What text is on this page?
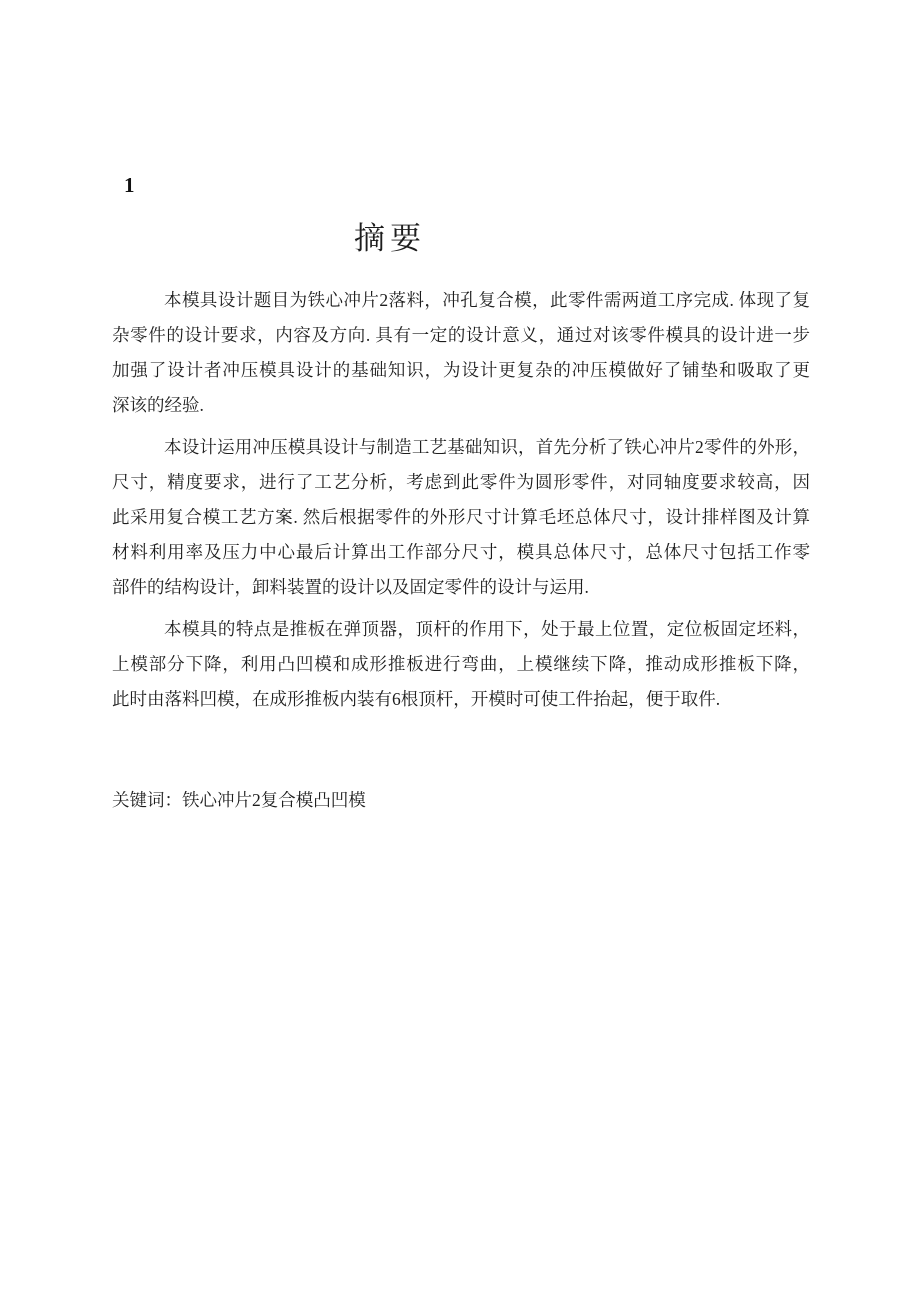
1
摘要
本模具设计题目为铁心冲片2落料，冲孔复合模，此零件需两道工序完成. 体现了复
杂零件的设计要求，内容及方向. 具有一定的设计意义，通过对该零件模具的设计进一步
加强了设计者冲压模具设计的基础知识，为设计更复杂的冲压模做好了铺垫和吸取了更
深该的经验.
本设计运用冲压模具设计与制造工艺基础知识，首先分析了铁心冲片2零件的外形，
尺寸，精度要求，进行了工艺分析，考虑到此零件为圆形零件，对同轴度要求较高，因
此采用复合模工艺方案. 然后根据零件的外形尺寸计算毛坯总体尺寸，设计排样图及计算
材料利用率及压力中心最后计算出工作部分尺寸，模具总体尺寸，总体尺寸包括工作零
部件的结构设计，卸料装置的设计以及固定零件的设计与运用.
本模具的特点是推板在弹顶器，顶杆的作用下，处于最上位置，定位板固定坯料，
上模部分下降，利用凸凹模和成形推板进行弯曲，上模继续下降，推动成形推板下降，
此时由落料凹模，在成形推板内装有6根顶杆，开模时可使工件抬起，便于取件.
关键词：铁心冲片2复合模凸凹模
